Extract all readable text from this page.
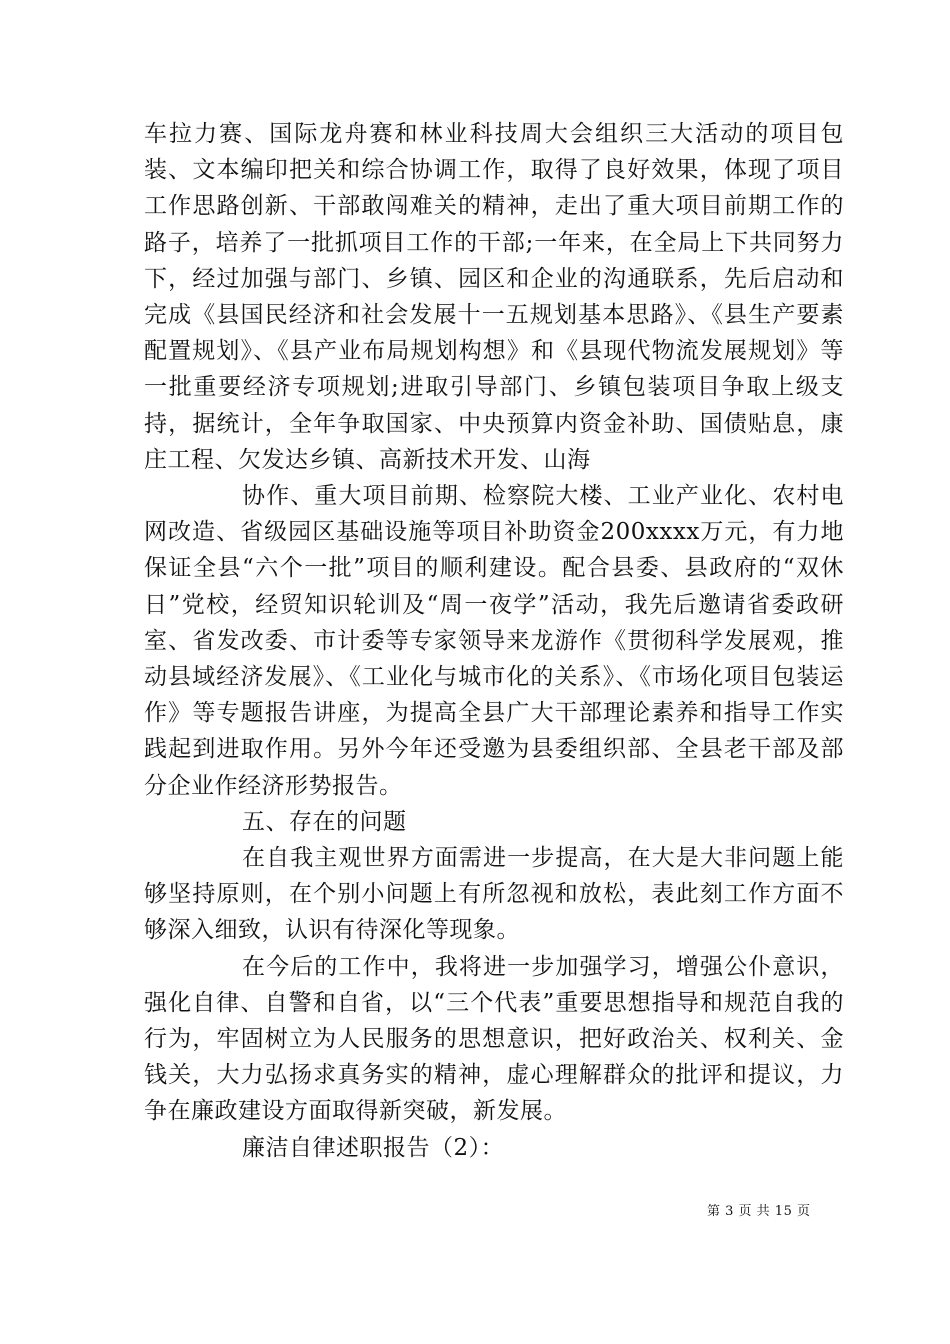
车拉力赛、国际龙舟赛和林业科技周大会组织三大活动的项目包装、文本编印把关和综合协调工作，取得了良好效果，体现了项目工作思路创新、干部敢闯难关的精神，走出了重大项目前期工作的路子，培养了一批抓项目工作的干部;一年来，在全局上下共同努力下，经过加强与部门、乡镇、园区和企业的沟通联系，先后启动和完成《县国民经济和社会发展十一五规划基本思路》、《县生产要素配置规划》、《县产业布局规划构想》和《县现代物流发展规划》等一批重要经济专项规划;进取引导部门、乡镇包装项目争取上级支持，据统计，全年争取国家、中央预算内资金补助、国债贴息，康庄工程、欠发达乡镇、高新技术开发、山海

协作、重大项目前期、检察院大楼、工业产业化、农村电网改造、省级园区基础设施等项目补助资金200xxxx万元，有力地保证全县“六个一批”项目的顺利建设。配合县委、县政府的“双休日”党校，经贸知识轮训及“周一夜学”活动，我先后邀请省委政研室、省发改委、市计委等专家领导来龙游作《贯彻科学发展观，推动县域经济发展》、《工业化与城市化的关系》、《市场化项目包装运作》等专题报告讲座，为提高全县广大干部理论素养和指导工作实践起到进取作用。另外今年还受邀为县委组织部、全县老干部及部分企业作经济形势报告。

五、存在的问题

在自我主观世界方面需进一步提高，在大是大非问题上能够坚持原则，在个别小问题上有所忽视和放松，表此刻工作方面不够深入细致，认识有待深化等现象。

在今后的工作中，我将进一步加强学习，增强公仆意识，强化自律、自警和自省，以“三个代表”重要思想指导和规范自我的行为，牢固树立为人民服务的思想意识，把好政治关、权利关、金钱关，大力弘扬求真务实的精神，虚心理解群众的批评和提议，力争在廉政建设方面取得新突破，新发展。

廉洁自律述职报告（2）：

第 3 页 共 15 页
